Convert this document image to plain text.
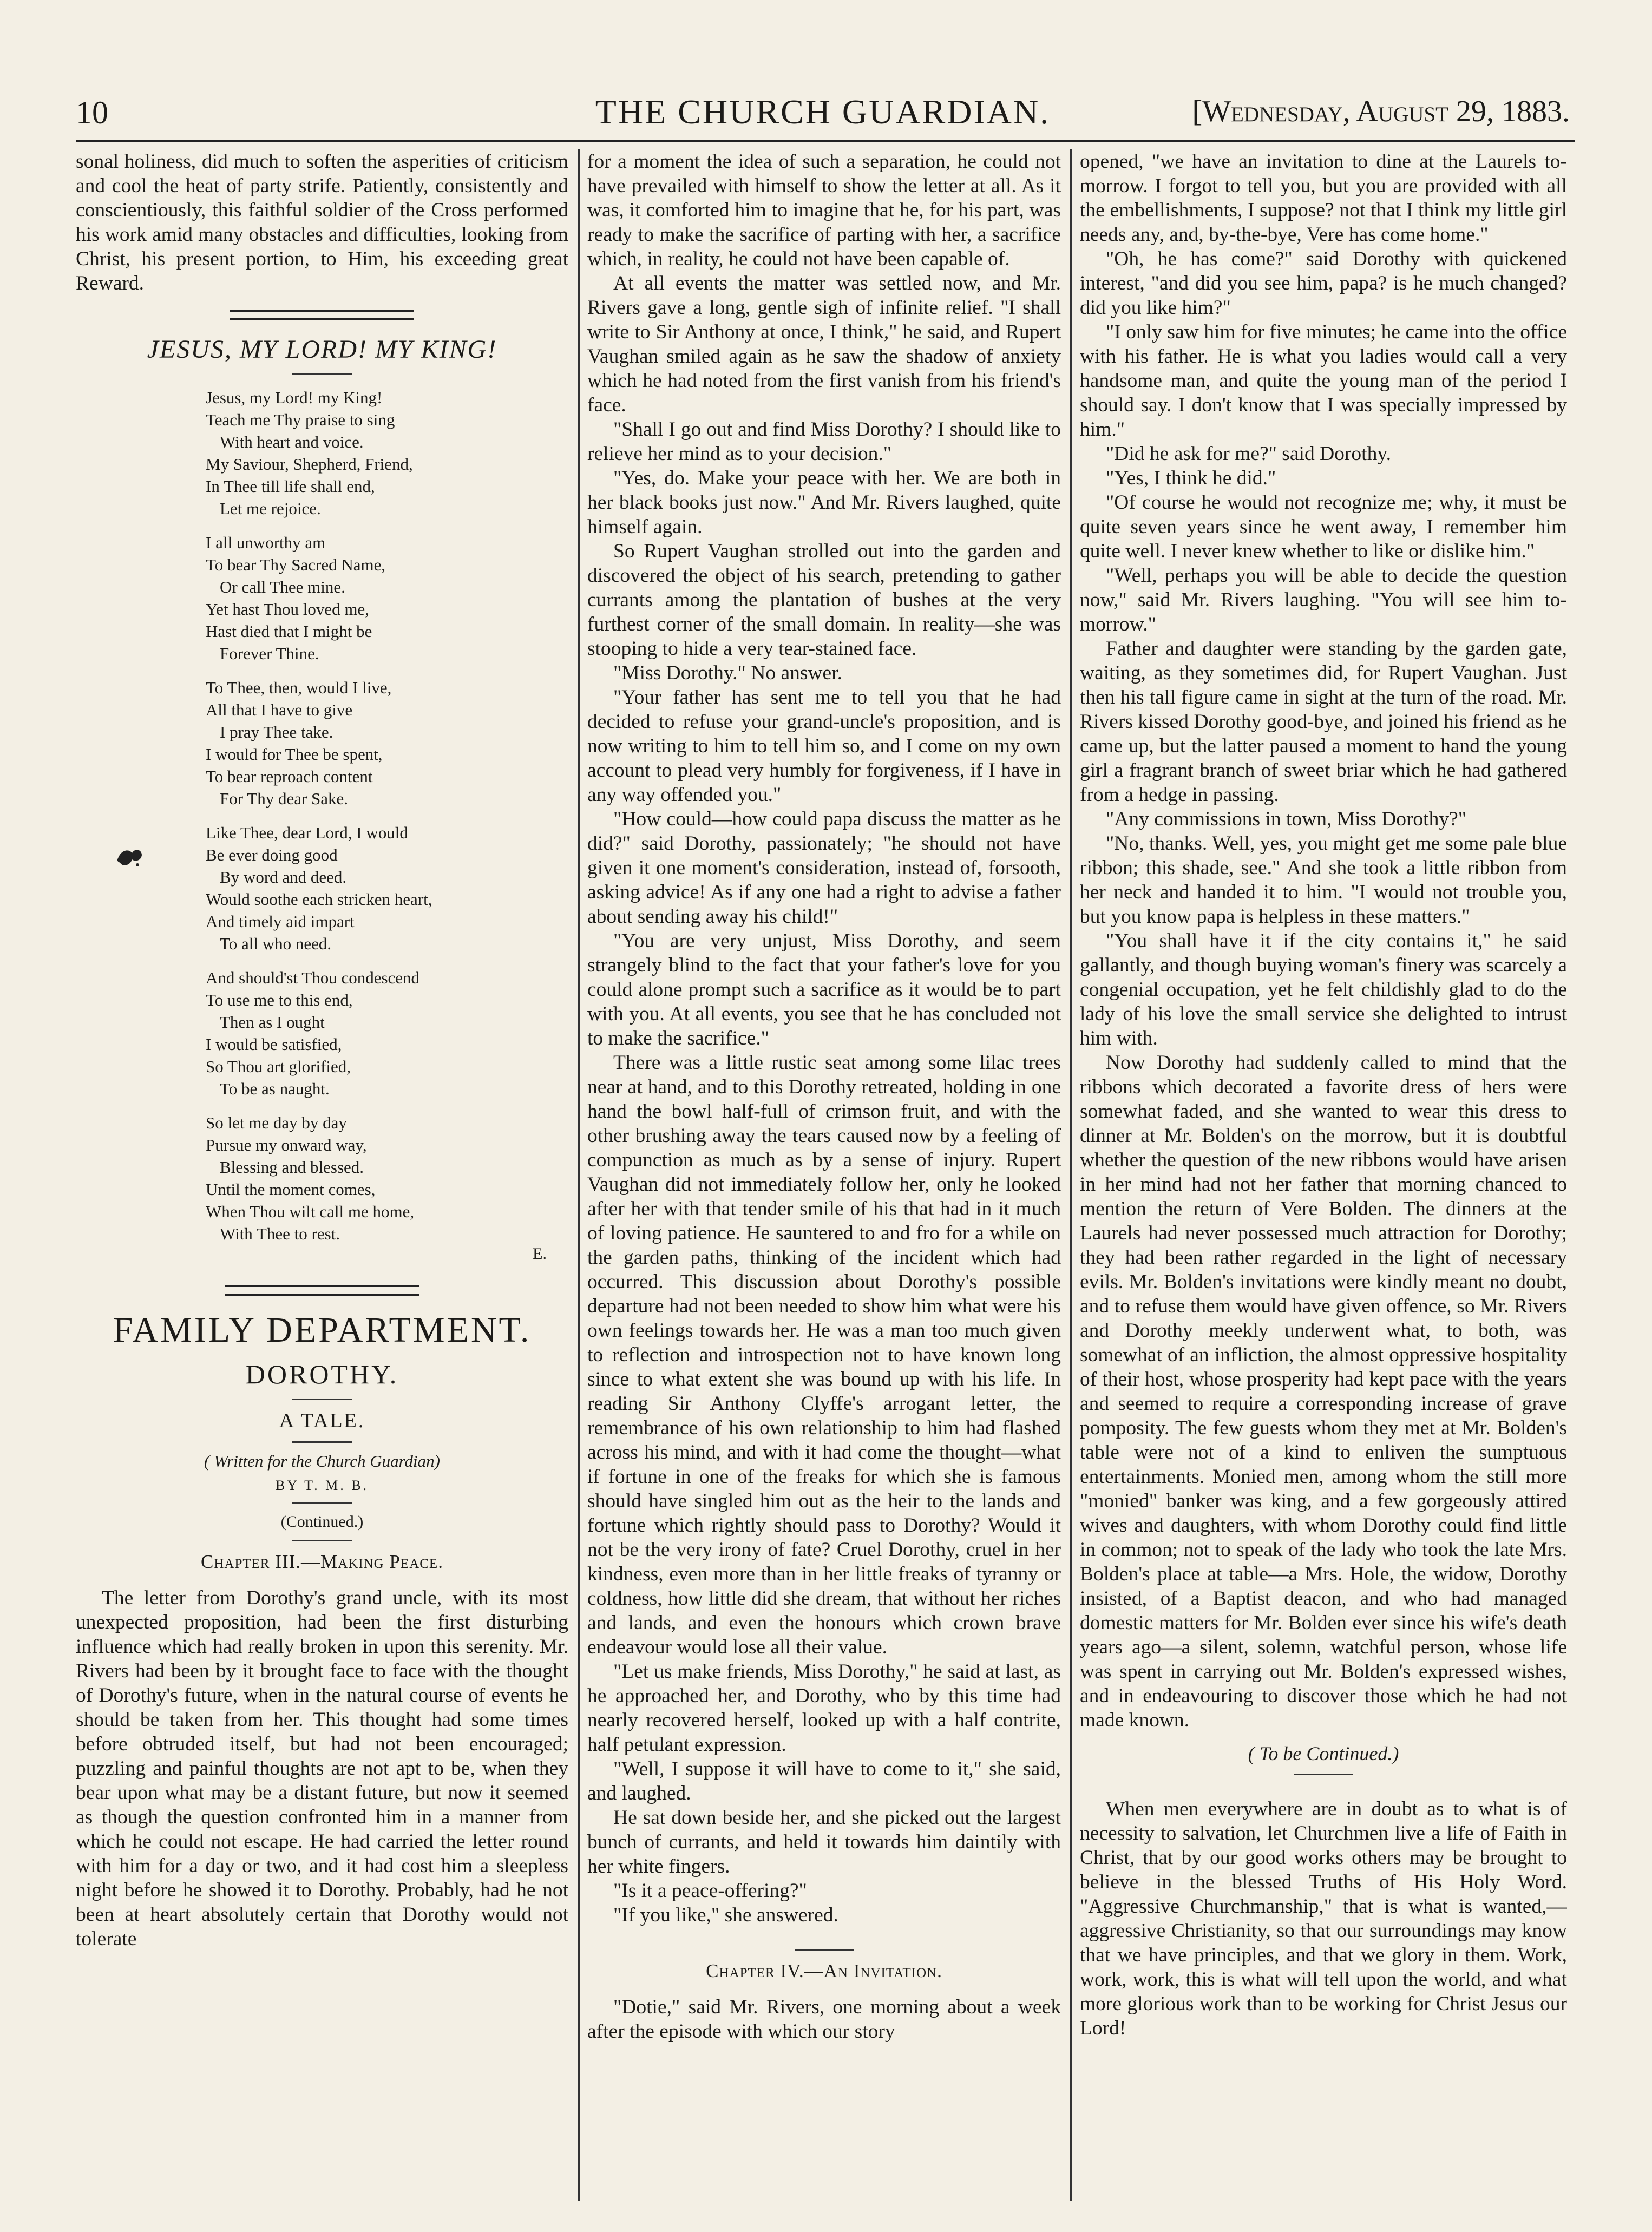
10	THE CHURCH GUARDIAN.	[Wednesday, August 29, 1883.

sonal holiness, did much to soften the asperities of criticism and cool the heat of party strife. Patiently, consistently and conscientiously, this faithful soldier of the Cross performed his work amid many obstacles and difficulties, looking from Christ, his present portion, to Him, his exceeding great Reward.

JESUS, MY LORD! MY KING!
Jesus, my Lord! my King!
Teach me Thy praise to sing
With heart and voice.
My Saviour, Shepherd, Friend,
In Thee till life shall end,
Let me rejoice.
I all unworthy am
To bear Thy Sacred Name,
Or call Thee mine.
Yet hast Thou loved me,
Hast died that I might be
Forever Thine.
To Thee, then, would I live,
All that I have to give
I pray Thee take.
I would for Thee be spent,
To bear reproach content
For Thy dear Sake.
Like Thee, dear Lord, I would
Be ever doing good
By word and deed.
Would soothe each stricken heart,
And timely aid impart
To all who need.
And should'st Thou condescend
To use me to this end,
Then as I ought
I would be satisfied,
So Thou art glorified,
To be as naught.
So let me day by day
Pursue my onward way,
Blessing and blessed.
Until the moment comes,
When Thou wilt call me home,
With Thee to rest.
E.
FAMILY DEPARTMENT.
DOROTHY.
A TALE.
( Written for the Church Guardian)
BY T. M. B.
(Continued.)
Chapter III.—Making Peace.

The letter from Dorothy's grand uncle, with its most unexpected proposition, had been the first disturbing influence which had really broken in upon this serenity. Mr. Rivers had been by it brought face to face with the thought of Dorothy's future, when in the natural course of events he should be taken from her. This thought had some times before obtruded itself, but had not been encouraged; puzzling and painful thoughts are not apt to be, when they bear upon what may be a distant future, but now it seemed as though the question confronted him in a manner from which he could not escape. He had carried the letter round with him for a day or two, and it had cost him a sleepless night before he showed it to Dorothy. Probably, had he not been at heart absolutely certain that Dorothy would not tolerate

for a moment the idea of such a separation, he could not have prevailed with himself to show the letter at all. As it was, it comforted him to imagine that he, for his part, was ready to make the sacrifice of parting with her, a sacrifice which, in reality, he could not have been capable of.

At all events the matter was settled now, and Mr. Rivers gave a long, gentle sigh of infinite relief. "I shall write to Sir Anthony at once, I think," he said, and Rupert Vaughan smiled again as he saw the shadow of anxiety which he had noted from the first vanish from his friend's face.

"Shall I go out and find Miss Dorothy? I should like to relieve her mind as to your decision."

"Yes, do. Make your peace with her. We are both in her black books just now." And Mr. Rivers laughed, quite himself again.

So Rupert Vaughan strolled out into the garden and discovered the object of his search, pretending to gather currants among the plantation of bushes at the very furthest corner of the small domain. In reality—she was stooping to hide a very tear-stained face.

"Miss Dorothy." No answer.

"Your father has sent me to tell you that he had decided to refuse your grand-uncle's proposition, and is now writing to him to tell him so, and I come on my own account to plead very humbly for forgiveness, if I have in any way offended you."

"How could—how could papa discuss the matter as he did?" said Dorothy, passionately; "he should not have given it one moment's consideration, instead of, forsooth, asking advice! As if any one had a right to advise a father about sending away his child!"

"You are very unjust, Miss Dorothy, and seem strangely blind to the fact that your father's love for you could alone prompt such a sacrifice as it would be to part with you. At all events, you see that he has concluded not to make the sacrifice."

There was a little rustic seat among some lilac trees near at hand, and to this Dorothy retreated, holding in one hand the bowl half-full of crimson fruit, and with the other brushing away the tears caused now by a feeling of compunction as much as by a sense of injury. Rupert Vaughan did not immediately follow her, only he looked after her with that tender smile of his that had in it much of loving patience. He sauntered to and fro for a while on the garden paths, thinking of the incident which had occurred. This discussion about Dorothy's possible departure had not been needed to show him what were his own feelings towards her. He was a man too much given to reflection and introspection not to have known long since to what extent she was bound up with his life. In reading Sir Anthony Clyffe's arrogant letter, the remembrance of his own relationship to him had flashed across his mind, and with it had come the thought—what if fortune in one of the freaks for which she is famous should have singled him out as the heir to the lands and fortune which rightly should pass to Dorothy? Would it not be the very irony of fate? Cruel Dorothy, cruel in her kindness, even more than in her little freaks of tyranny or coldness, how little did she dream, that without her riches and lands, and even the honours which crown brave endeavour would lose all their value.

"Let us make friends, Miss Dorothy," he said at last, as he approached her, and Dorothy, who by this time had nearly recovered herself, looked up with a half contrite, half petulant expression.

"Well, I suppose it will have to come to it," she said, and laughed.

He sat down beside her, and she picked out the largest bunch of currants, and held it towards him daintily with her white fingers.

"Is it a peace-offering?"

"If you like," she answered.

Chapter IV.—An Invitation.

"Dotie," said Mr. Rivers, one morning about a week after the episode with which our story

opened, "we have an invitation to dine at the Laurels to-morrow. I forgot to tell you, but you are provided with all the embellishments, I suppose? not that I think my little girl needs any, and, by-the-bye, Vere has come home."

"Oh, he has come?" said Dorothy with quickened interest, "and did you see him, papa? is he much changed? did you like him?"

"I only saw him for five minutes; he came into the office with his father. He is what you ladies would call a very handsome man, and quite the young man of the period I should say. I don't know that I was specially impressed by him."

"Did he ask for me?" said Dorothy.

"Yes, I think he did."

"Of course he would not recognize me; why, it must be quite seven years since he went away, I remember him quite well. I never knew whether to like or dislike him."

"Well, perhaps you will be able to decide the question now," said Mr. Rivers laughing. "You will see him to-morrow."

Father and daughter were standing by the garden gate, waiting, as they sometimes did, for Rupert Vaughan. Just then his tall figure came in sight at the turn of the road. Mr. Rivers kissed Dorothy good-bye, and joined his friend as he came up, but the latter paused a moment to hand the young girl a fragrant branch of sweet briar which he had gathered from a hedge in passing.

"Any commissions in town, Miss Dorothy?"

"No, thanks. Well, yes, you might get me some pale blue ribbon; this shade, see." And she took a little ribbon from her neck and handed it to him. "I would not trouble you, but you know papa is helpless in these matters."

"You shall have it if the city contains it," he said gallantly, and though buying woman's finery was scarcely a congenial occupation, yet he felt childishly glad to do the lady of his love the small service she delighted to intrust him with.

Now Dorothy had suddenly called to mind that the ribbons which decorated a favorite dress of hers were somewhat faded, and she wanted to wear this dress to dinner at Mr. Bolden's on the morrow, but it is doubtful whether the question of the new ribbons would have arisen in her mind had not her father that morning chanced to mention the return of Vere Bolden. The dinners at the Laurels had never possessed much attraction for Dorothy; they had been rather regarded in the light of necessary evils. Mr. Bolden's invitations were kindly meant no doubt, and to refuse them would have given offence, so Mr. Rivers and Dorothy meekly underwent what, to both, was somewhat of an infliction, the almost oppressive hospitality of their host, whose prosperity had kept pace with the years and seemed to require a corresponding increase of grave pomposity. The few guests whom they met at Mr. Bolden's table were not of a kind to enliven the sumptuous entertainments. Monied men, among whom the still more "monied" banker was king, and a few gorgeously attired wives and daughters, with whom Dorothy could find little in common; not to speak of the lady who took the late Mrs. Bolden's place at table—a Mrs. Hole, the widow, Dorothy insisted, of a Baptist deacon, and who had managed domestic matters for Mr. Bolden ever since his wife's death years ago—a silent, solemn, watchful person, whose life was spent in carrying out Mr. Bolden's expressed wishes, and in endeavouring to discover those which he had not made known.

( To be Continued.)

When men everywhere are in doubt as to what is of necessity to salvation, let Churchmen live a life of Faith in Christ, that by our good works others may be brought to believe in the blessed Truths of His Holy Word. "Aggressive Churchmanship," that is what is wanted,—aggressive Christianity, so that our surroundings may know that we have principles, and that we glory in them. Work, work, work, this is what will tell upon the world, and what more glorious work than to be working for Christ Jesus our Lord!
